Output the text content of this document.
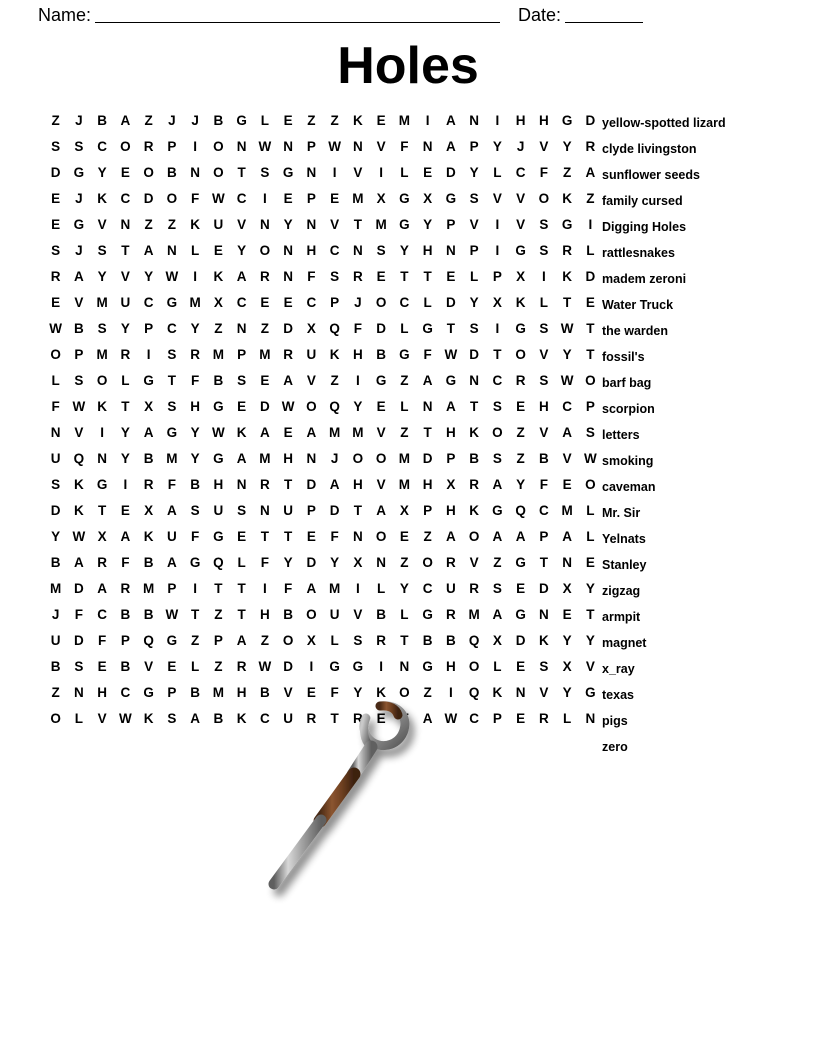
Name:	Date:
Holes
Z	J	B	A	Z	J	J	B G	L	E	Z	Z	K	E M	I	A	N	I	H	H G D
S	S	C O R	P	I	O N W N	P W N	V	F	N	A	P	Y	J	V	Y	R
D G Y	E O B	N O	T	S G N	I	V	I	L	E	D	Y	L	C	F	Z	A
E	J	K	C	D O	F W C	I	E	P	E M X G X G S	V	V O K	Z
E G V	N	Z	Z	K	U	V	N	Y	N	V	T	M G Y	P	V	I	V	S G	I
S	J	S	T	A	N	L	E	Y O N	H	C	N	S	Y	H	N	P	I	G S	R	L
R	A	Y	V	Y W	I	K	A	R	N	F	S	R	E	T	T	E	L	P	X	I	K	D
E	V M U	C G M X	C	E	E	C	P	J	O C	L	D	Y	X	K	L	T	E
W B	S	Y	P	C	Y	Z	N	Z	D	X Q	F	D	L	G	T	S	I	G S W T
O P M R	I	S	R M P M R	U	K	H	B G	F W D	T	O V	Y	T
L	S O	L	G	T	F	B	S	E	A	V	Z	I	G	Z	A G N	C	R	S W O
F W K	T	X	S	H G E	D W O Q Y	E	L	N	A	T	S	E	H	C	P
N	V	I	Y	A G Y W K	A	E	A M M V	Z	T	H	K O	Z	V	A	S
U Q N	Y	B M Y G A M H	N	J	O O M D	P	B	S	Z	B	V W
S	K G	I	R	F	B	H	N	R	T	D	A	H	V M H	X	R	A	Y	F	E O
D	K	T	E	X	A	S	U	S	N	U	P	D	T	A	X	P	H	K G Q C M	L
Y W X	A	K	U	F	G E	T	T	E	F	N O E	Z	A O A	A	P	A	L
B	A	R	F	B	A G Q	L	F	Y	D	Y	X	N	Z	O R	V	Z	G	T	N	E
M D	A	R M P	I	T	T	I	F	A M	I	L	Y	C	U	R	S	E	D	X	Y
J	F	C	B	B W T	Z	T	H	B O U	V	B	L	G R M A G N	E	T
U	D	F	P Q G	Z	P	A	Z	O X	L	S	R	T	B	B Q X	D	K	Y	Y
B	S	E	B	V	E	L	Z	R W D	I	G G	I	N G H O	L	E	S	X	V
Z	N	H	C G P	B M H	B	V	E	F	Y	K O	Z	I	Q K	N	V	Y G
O	L	V W K	S	A	B	K	C	U	R	T	R	E	T	A W C	P	E	R	L	N
yellow-spotted lizard
clyde livingston
sunflower seeds
family cursed
Digging Holes
rattlesnakes
madem zeroni
Water Truck
the warden
fossil's
barf bag
scorpion
letters
smoking
caveman
Mr. Sir
Yelnats
Stanley
zigzag
armpit
magnet
x_ray
texas
pigs
zero
